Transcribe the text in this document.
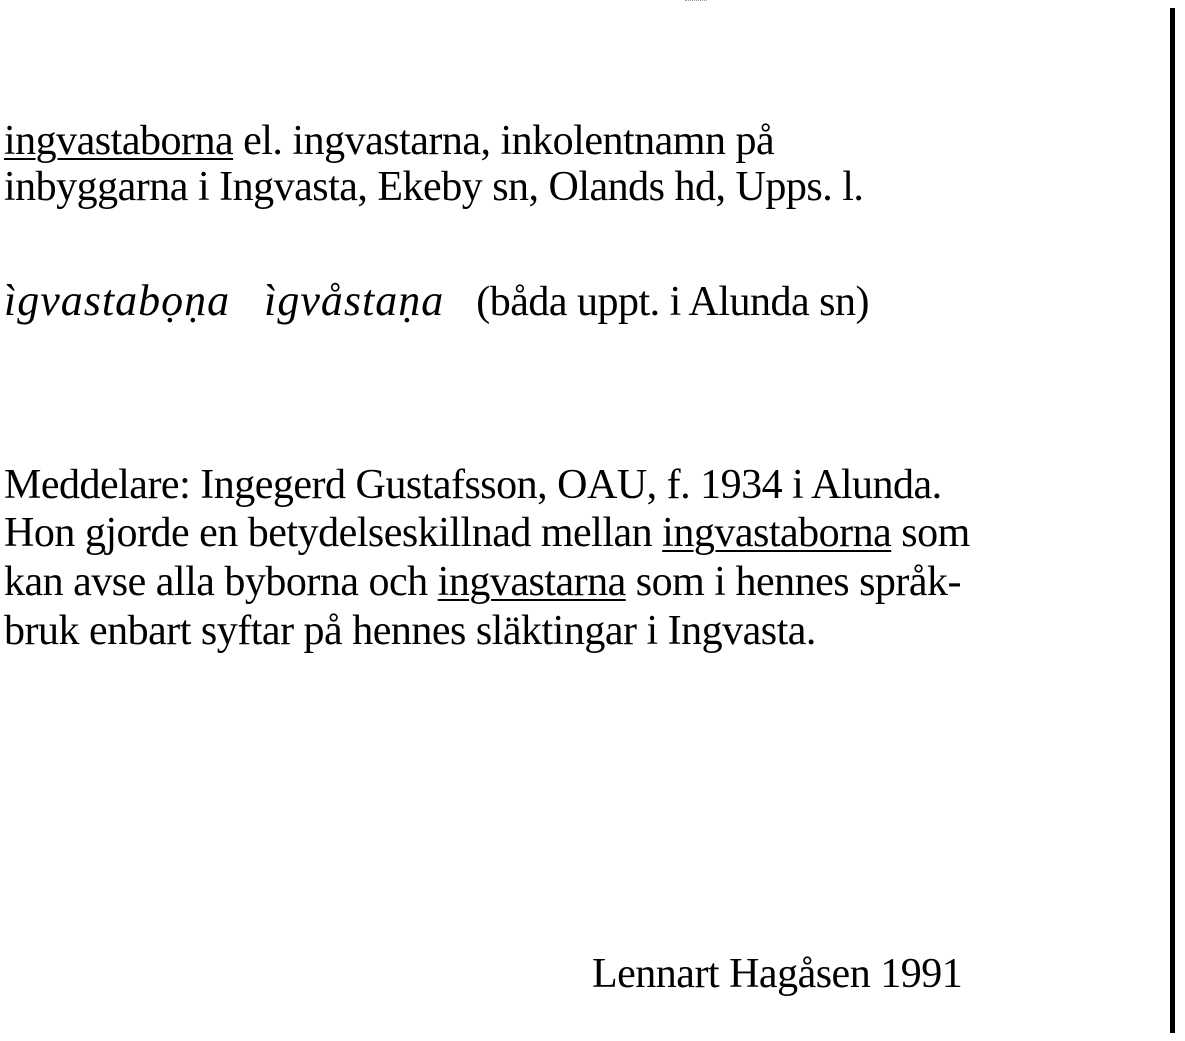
ingvastaborna el. ingvastarna, inkolentnamn på
inbyggarna i Ingvasta, Ekeby sn, Olands hd, Upps. l.
ìgvastabọṇa ìgvåstaṇa (båda uppt. i Alunda sn)
Meddelare: Ingegerd Gustafsson, OAU, f. 1934 i Alunda.
Hon gjorde en betydelseskillnad mellan ingvastaborna som
kan avse alla byborna och ingvastarna som i hennes språk-
bruk enbart syftar på hennes släktingar i Ingvasta.
Lennart Hagåsen 1991
